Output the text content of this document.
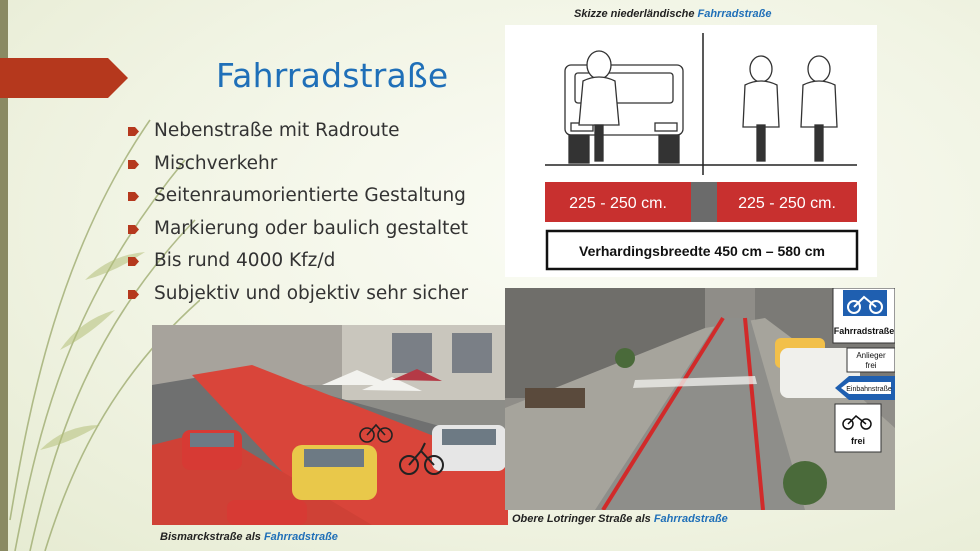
Fahrradstraße
Nebenstraße mit Radroute
Mischverkehr
Seitenraumorientierte Gestaltung
Markierung oder baulich gestaltet
Bis rund 4000 Kfz/d
Subjektiv und objektiv sehr sicher
Skizze niederländische Fahrradstraße
225 - 250 cm.	225 - 250 cm.
Verhardingsbreedte 450 cm – 580 cm
Bismarckstraße als Fahrradstraße
Fahrradstraße
Anlieger
frei
Einbahnstraße
frei
Obere Lotringer Straße als Fahrradstraße
